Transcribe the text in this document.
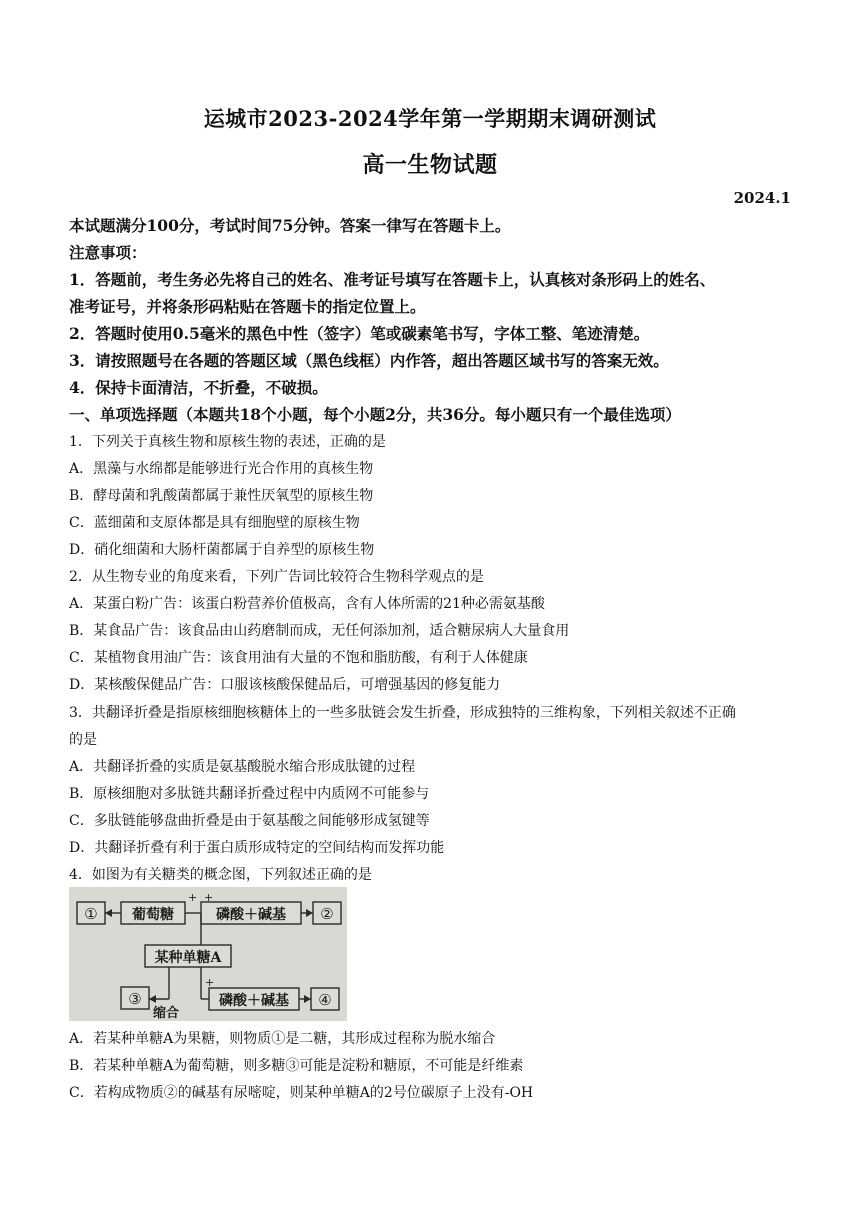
运城市2023-2024学年第一学期期末调研测试
高一生物试题
2024.1
本试题满分100分，考试时间75分钟。答案一律写在答题卡上。
注意事项：
1．答题前，考生务必先将自己的姓名、准考证号填写在答题卡上，认真核对条形码上的姓名、
准考证号，并将条形码粘贴在答题卡的指定位置上。
2．答题时使用0.5毫米的黑色中性（签字）笔或碳素笔书写，字体工整、笔迹清楚。
3．请按照题号在各题的答题区域（黑色线框）内作答，超出答题区域书写的答案无效。
4．保持卡面清洁，不折叠，不破损。
一、单项选择题（本题共18个小题，每个小题2分，共36分。每小题只有一个最佳选项）
1．下列关于真核生物和原核生物的表述，正确的是
A．黑藻与水绵都是能够进行光合作用的真核生物
B．酵母菌和乳酸菌都属于兼性厌氧型的原核生物
C．蓝细菌和支原体都是具有细胞壁的原核生物
D．硝化细菌和大肠杆菌都属于自养型的原核生物
2．从生物专业的角度来看，下列广告词比较符合生物科学观点的是
A．某蛋白粉广告：该蛋白粉营养价值极高，含有人体所需的21种必需氨基酸
B．某食品广告：该食品由山药磨制而成，无任何添加剂，适合糖尿病人大量食用
C．某植物食用油广告：该食用油有大量的不饱和脂肪酸，有利于人体健康
D．某核酸保健品广告：口服该核酸保健品后，可增强基因的修复能力
3．共翻译折叠是指原核细胞核糖体上的一些多肽链会发生折叠，形成独特的三维构象，下列相关叙述不正确
的是
A．共翻译折叠的实质是氨基酸脱水缩合形成肽键的过程
B．原核细胞对多肽链共翻译折叠过程中内质网不可能参与
C．多肽链能够盘曲折叠是由于氨基酸之间能够形成氢键等
D．共翻译折叠有利于蛋白质形成特定的空间结构而发挥功能
4．如图为有关糖类的概念图，下列叙述正确的是
① 葡萄糖
+
磷酸＋碱基
+
②
某种单糖A
③
缩合
磷酸＋碱基
+
④
A．若某种单糖A为果糖，则物质①是二糖，其形成过程称为脱水缩合
B．若某种单糖A为葡萄糖，则多糖③可能是淀粉和糖原，不可能是纤维素
C．若构成物质②的碱基有尿嘧啶，则某种单糖A的2号位碳原子上没有-OH
